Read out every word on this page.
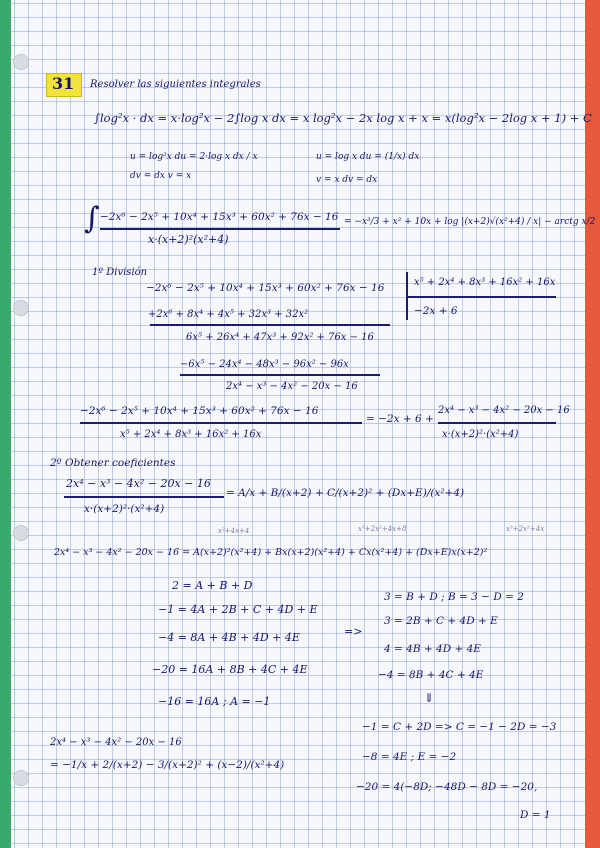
31 Resolver las siguientes integrales
∫log²x · dx = x·log²x − 2∫log x dx = x log²x − 2x log x + x = x(log²x − 2log x + 1) + C
u = log²x du = 2·log x dx / x
dv = dx v = x
u = log x du = (1/x) dx
v = x dv = dx
∫ −2x⁶ − 2x⁵ + 10x⁴ + 15x³ + 60x² + 76x − 16
x·(x+2)²(x²+4)
= −x³/3 + x² + 10x + log |(x+2)√(x²+4) / x| − arctg x/2
1º División
−2x⁶ − 2x⁵ + 10x⁴ + 15x³ + 60x² + 76x − 16	x⁵ + 2x⁴ + 8x³ + 16x² + 16x
−2x + 6
+2x⁶ + 8x⁴ + 4x⁵ + 32x³ + 32x²
6x⁵ + 26x⁴ + 47x³ + 92x² + 76x − 16
−6x⁵ − 24x⁴ − 48x³ − 96x² − 96x
2x⁴ − x³ − 4x² − 20x − 16
−2x⁶ − 2x⁵ + 10x⁴ + 15x³ + 60x² + 76x − 16
x⁵ + 2x⁴ + 8x³ + 16x² + 16x
= −2x + 6 +
2x⁴ − x³ − 4x² − 20x − 16
x·(x+2)²·(x²+4)
2º Obtener coeficientes
2x⁴ − x³ − 4x² − 20x − 16
x·(x+2)²·(x²+4)
= A/x + B/(x+2) + C/(x+2)² + (Dx+E)/(x²+4)
x²+4x+4	x³+2x²+4x+8	x³+2x²+4x
2x⁴ − x³ − 4x² − 20x − 16 = A(x+2)²(x²+4) + Bx(x+2)(x²+4) + Cx(x²+4) + (Dx+E)x(x+2)²
2 = A + B + D
−1 = 4A + 2B + C + 4D + E
−4 = 8A + 4B + 4D + 4E
−20 = 16A + 8B + 4C + 4E
−16 = 16A ; A = −1
=>
3 = B + D ; B = 3 − D = 2
3 = 2B + C + 4D + E
4 = 4B + 4D + 4E
−4 = 8B + 4C + 4E
⇓
−1 = C + 2D => C = −1 − 2D = −3
−8 = 4E ; E = −2
−20 = 4(−8D; −48D − 8D = −20,
D = 1
2x⁴ − x³ − 4x² − 20x − 16
= −1/x + 2/(x+2) − 3/(x+2)² + (x−2)/(x²+4)
